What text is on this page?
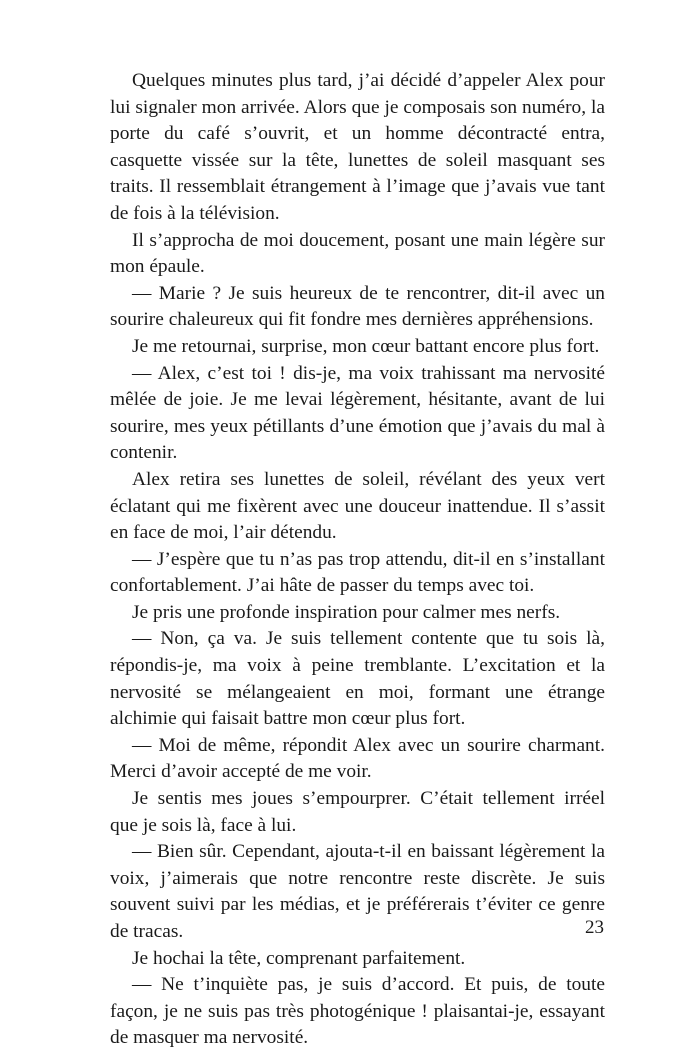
Quelques minutes plus tard, j’ai décidé d’appeler Alex pour lui signaler mon arrivée. Alors que je composais son numéro, la porte du café s’ouvrit, et un homme décontracté entra, casquette vissée sur la tête, lunettes de soleil masquant ses traits. Il ressemblait étrangement à l’image que j’avais vue tant de fois à la télévision.

Il s’approcha de moi doucement, posant une main légère sur mon épaule.

— Marie ? Je suis heureux de te rencontrer, dit-il avec un sourire chaleureux qui fit fondre mes dernières appréhensions.

Je me retournai, surprise, mon cœur battant encore plus fort.

— Alex, c’est toi ! dis-je, ma voix trahissant ma nervosité mêlée de joie. Je me levai légèrement, hésitante, avant de lui sourire, mes yeux pétillants d’une émotion que j’avais du mal à contenir.

Alex retira ses lunettes de soleil, révélant des yeux vert éclatant qui me fixèrent avec une douceur inattendue. Il s’assit en face de moi, l’air détendu.

— J’espère que tu n’as pas trop attendu, dit-il en s’installant confortablement. J’ai hâte de passer du temps avec toi.

Je pris une profonde inspiration pour calmer mes nerfs.

— Non, ça va. Je suis tellement contente que tu sois là, répondis-je, ma voix à peine tremblante. L’excitation et la nervosité se mélangeaient en moi, formant une étrange alchimie qui faisait battre mon cœur plus fort.

— Moi de même, répondit Alex avec un sourire charmant. Merci d’avoir accepté de me voir.

Je sentis mes joues s’empourprer. C’était tellement irréel que je sois là, face à lui.

— Bien sûr. Cependant, ajouta-t-il en baissant légèrement la voix, j’aimerais que notre rencontre reste discrète. Je suis souvent suivi par les médias, et je préférerais t’éviter ce genre de tracas.

Je hochai la tête, comprenant parfaitement.

— Ne t’inquiète pas, je suis d’accord. Et puis, de toute façon, je ne suis pas très photogénique ! plaisantai-je, essayant de masquer ma nervosité.

23
